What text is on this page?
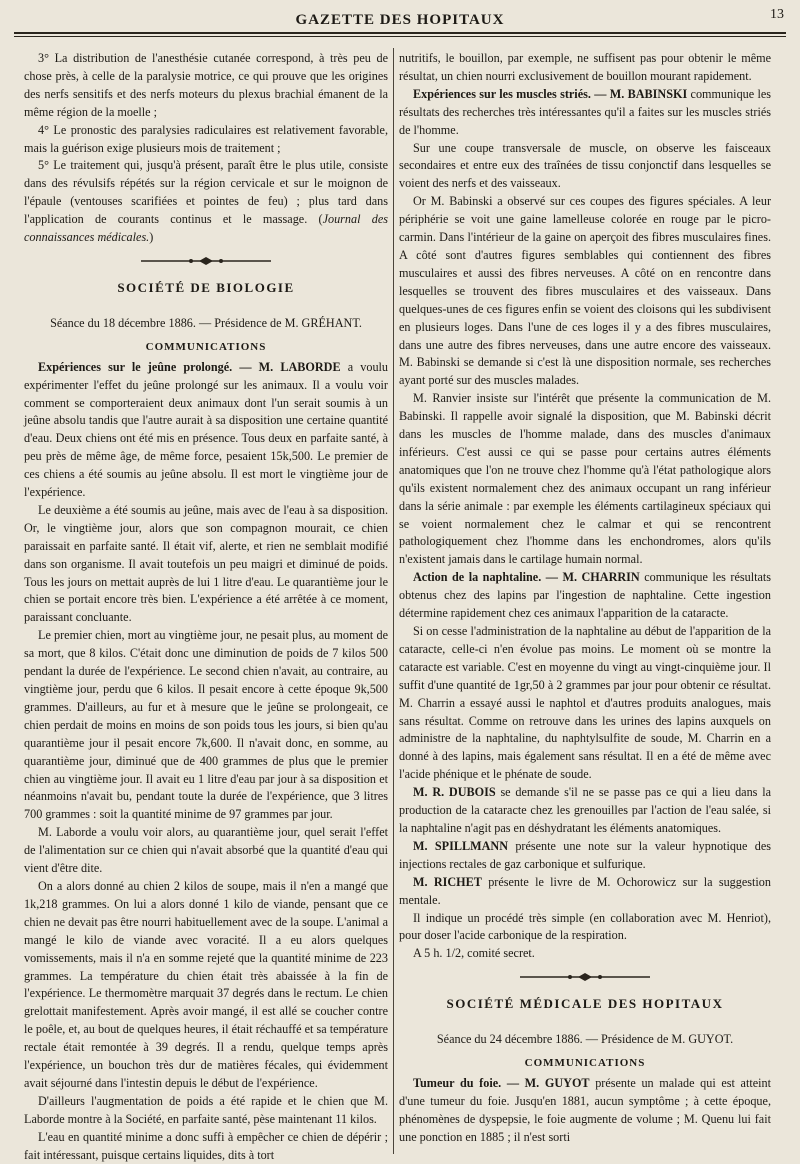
GAZETTE DES HOPITAUX	13

3° La distribution de l'anesthésie cutanée correspond, à très peu de chose près, à celle de la paralysie motrice, ce qui prouve que les origines des nerfs sensitifs et des nerfs moteurs du plexus brachial émanent de la même région de la moelle ;

4° Le pronostic des paralysies radiculaires est relativement favorable, mais la guérison exige plusieurs mois de traitement ;

5° Le traitement qui, jusqu'à présent, paraît être le plus utile, consiste dans des révulsifs répétés sur la région cervicale et sur le moignon de l'épaule (ventouses scarifiées et pointes de feu) ; plus tard dans l'application de courants continus et le massage. (Journal des connaissances médicales.)

SOCIÉTÉ DE BIOLOGIE

Séance du 18 décembre 1886. — Présidence de M. GRÉHANT.

COMMUNICATIONS

Expériences sur le jeûne prolongé. — M. LABORDE a voulu expérimenter l'effet du jeûne prolongé sur les animaux. Il a voulu voir comment se comporteraient deux animaux dont l'un serait soumis à un jeûne absolu tandis que l'autre aurait à sa disposition une certaine quantité d'eau. Deux chiens ont été mis en présence. Tous deux en parfaite santé, à peu près de même âge, de même force, pesaient 15k,500. Le premier de ces chiens a été soumis au jeûne absolu. Il est mort le vingtième jour de l'expérience.

Le deuxième a été soumis au jeûne, mais avec de l'eau à sa disposition. Or, le vingtième jour, alors que son compagnon mourait, ce chien paraissait en parfaite santé. Il était vif, alerte, et rien ne semblait modifié dans son organisme. Il avait toutefois un peu maigri et diminué de poids. Tous les jours on mettait auprès de lui 1 litre d'eau. Le quarantième jour le chien se portait encore très bien. L'expérience a été arrêtée à ce moment, paraissant concluante.

Le premier chien, mort au vingtième jour, ne pesait plus, au moment de sa mort, que 8 kilos. C'était donc une diminution de poids de 7 kilos 500 pendant la durée de l'expérience. Le second chien n'avait, au contraire, au vingtième jour, perdu que 6 kilos. Il pesait encore à cette époque 9k,500 grammes. D'ailleurs, au fur et à mesure que le jeûne se prolongeait, ce chien perdait de moins en moins de son poids tous les jours, si bien qu'au quarantième jour il pesait encore 7k,600. Il n'avait donc, en somme, au quarantième jour, diminué que de 400 grammes de plus que le premier chien au vingtième jour. Il avait eu 1 litre d'eau par jour à sa disposition et néanmoins n'avait bu, pendant toute la durée de l'expérience, que 3 litres 700 grammes : soit la quantité minime de 97 grammes par jour.

M. Laborde a voulu voir alors, au quarantième jour, quel serait l'effet de l'alimentation sur ce chien qui n'avait absorbé que la quantité d'eau qui vient d'être dite.

On a alors donné au chien 2 kilos de soupe, mais il n'en a mangé que 1k,218 grammes. On lui a alors donné 1 kilo de viande, pensant que ce chien ne devait pas être nourri habituellement avec de la soupe. L'animal a mangé le kilo de viande avec voracité. Il a eu alors quelques vomissements, mais il n'a en somme rejeté que la quantité minime de 223 grammes. La température du chien était très abaissée à la fin de l'expérience. Le thermomètre marquait 37 degrés dans le rectum. Le chien grelottait manifestement. Après avoir mangé, il est allé se coucher contre le poêle, et, au bout de quelques heures, il était réchauffé et sa température rectale était remontée à 39 degrés. Il a rendu, quelque temps après l'expérience, un bouchon très dur de matières fécales, qui évidemment avait séjourné dans l'intestin depuis le début de l'expérience.

D'ailleurs l'augmentation de poids a été rapide et le chien que M. Laborde montre à la Société, en parfaite santé, pèse maintenant 11 kilos.

L'eau en quantité minime a donc suffi à empêcher ce chien de dépérir ; fait intéressant, puisque certains liquides, dits à tort

nutritifs, le bouillon, par exemple, ne suffisent pas pour obtenir le même résultat, un chien nourri exclusivement de bouillon mourant rapidement.

Expériences sur les muscles striés. — M. BABINSKI communique les résultats des recherches très intéressantes qu'il a faites sur les muscles striés de l'homme.

Sur une coupe transversale de muscle, on observe les faisceaux secondaires et entre eux des traînées de tissu conjonctif dans lesquelles se voient des nerfs et des vaisseaux.

Or M. Babinski a observé sur ces coupes des figures spéciales. A leur périphérie se voit une gaine lamelleuse colorée en rouge par le picro-carmin. Dans l'intérieur de la gaine on aperçoit des fibres musculaires fines. A côté sont d'autres figures semblables qui contiennent des fibres musculaires et aussi des fibres nerveuses. A côté on en rencontre dans lesquelles se trouvent des fibres musculaires et des vaisseaux. Dans quelques-unes de ces figures enfin se voient des cloisons qui les subdivisent en plusieurs loges. Dans l'une de ces loges il y a des fibres musculaires, dans une autre des fibres nerveuses, dans une autre encore des vaisseaux. M. Babinski se demande si c'est là une disposition normale, ses recherches ayant porté sur des muscles malades.

M. Ranvier insiste sur l'intérêt que présente la communication de M. Babinski. Il rappelle avoir signalé la disposition, que M. Babinski décrit dans les muscles de l'homme malade, dans des muscles d'animaux inférieurs. C'est aussi ce qui se passe pour certains autres éléments anatomiques que l'on ne trouve chez l'homme qu'à l'état pathologique alors qu'ils existent normalement chez des animaux occupant un rang inférieur dans la série animale : par exemple les éléments cartilagineux spéciaux qui se voient normalement chez le calmar et qui se rencontrent pathologiquement chez l'homme dans les enchondromes, alors qu'ils n'existent jamais dans le cartilage humain normal.

Action de la naphtaline. — M. CHARRIN communique les résultats obtenus chez des lapins par l'ingestion de naphtaline. Cette ingestion détermine rapidement chez ces animaux l'apparition de la cataracte.

Si on cesse l'administration de la naphtaline au début de l'apparition de la cataracte, celle-ci n'en évolue pas moins. Le moment où se montre la cataracte est variable. C'est en moyenne du vingt au vingt-cinquième jour. Il suffit d'une quantité de 1gr,50 à 2 grammes par jour pour obtenir ce résultat. M. Charrin a essayé aussi le naphtol et d'autres produits analogues, mais sans résultat. Comme on retrouve dans les urines des lapins auxquels on administre de la naphtaline, du naphtylsulfite de soude, M. Charrin en a donné à des lapins, mais également sans résultat. Il en a été de même avec l'acide phénique et le phénate de soude.

M. R. DUBOIS se demande s'il ne se passe pas ce qui a lieu dans la production de la cataracte chez les grenouilles par l'action de l'eau salée, si la naphtaline n'agit pas en déshydratant les éléments anatomiques.

M. SPILLMANN présente une note sur la valeur hypnotique des injections rectales de gaz carbonique et sulfurique.

M. RICHET présente le livre de M. Ochorowicz sur la suggestion mentale.

Il indique un procédé très simple (en collaboration avec M. Henriot), pour doser l'acide carbonique de la respiration.

A 5 h. 1/2, comité secret.

SOCIÉTÉ MÉDICALE DES HOPITAUX

Séance du 24 décembre 1886. — Présidence de M. GUYOT.

COMMUNICATIONS

Tumeur du foie. — M. GUYOT présente un malade qui est atteint d'une tumeur du foie. Jusqu'en 1881, aucun symptôme ; à cette époque, phénomènes de dyspepsie, le foie augmente de volume ; M. Quenu lui fait une ponction en 1885 ; il n'est sorti
